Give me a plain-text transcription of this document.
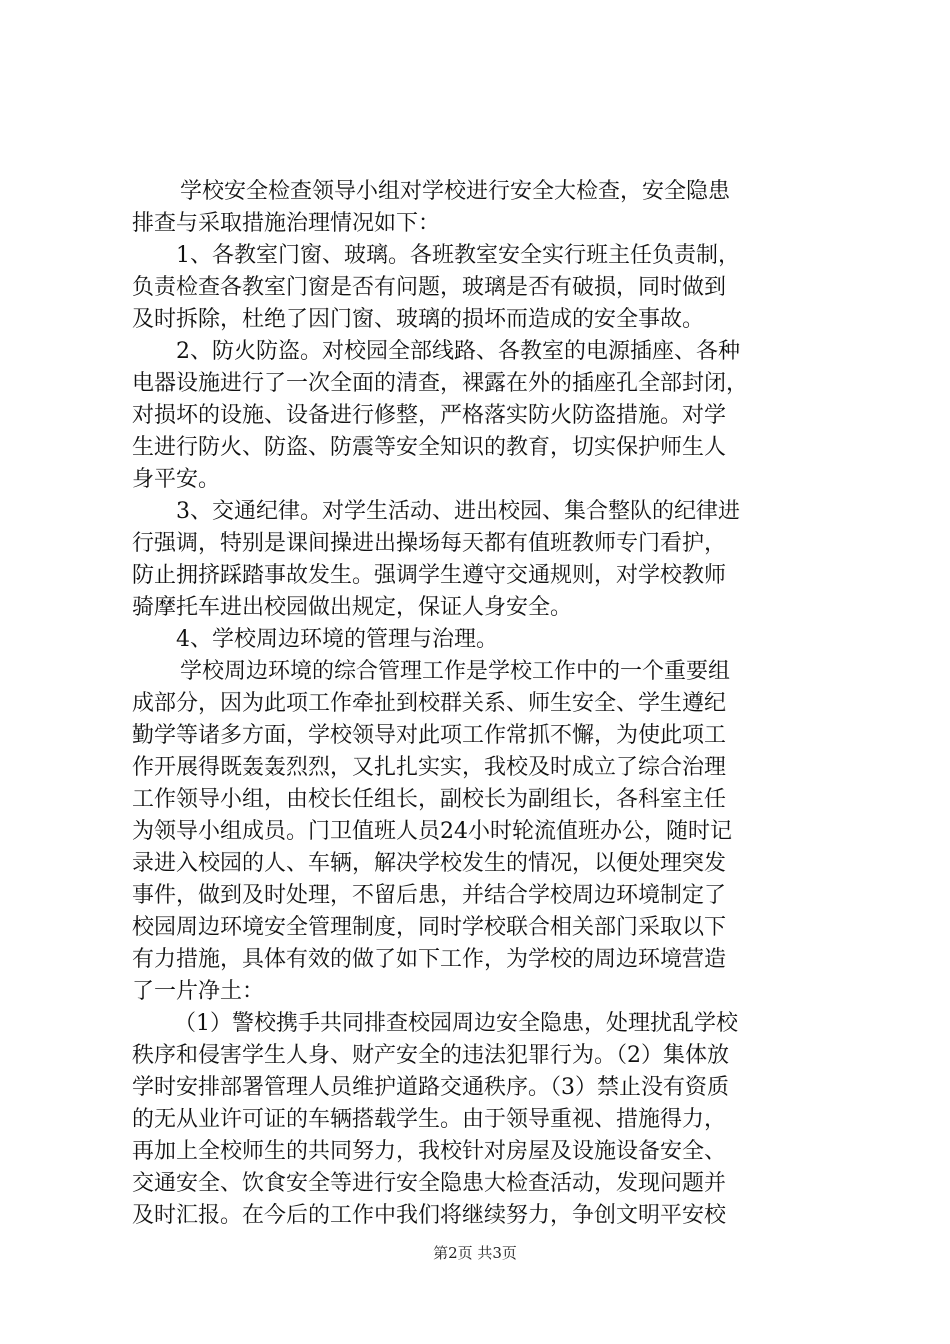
学校安全检查领导小组对学校进行安全大检查，安全隐患
排查与采取措施治理情况如下：
1、各教室门窗、玻璃。各班教室安全实行班主任负责制，
负责检查各教室门窗是否有问题，玻璃是否有破损，同时做到
及时拆除，杜绝了因门窗、玻璃的损坏而造成的安全事故。
2、防火防盗。对校园全部线路、各教室的电源插座、各种
电器设施进行了一次全面的清查，裸露在外的插座孔全部封闭，
对损坏的设施、设备进行修整，严格落实防火防盗措施。对学
生进行防火、防盗、防震等安全知识的教育，切实保护师生人
身平安。
3、交通纪律。对学生活动、进出校园、集合整队的纪律进
行强调，特别是课间操进出操场每天都有值班教师专门看护，
防止拥挤踩踏事故发生。强调学生遵守交通规则，对学校教师
骑摩托车进出校园做出规定，保证人身安全。
4、学校周边环境的管理与治理。
学校周边环境的综合管理工作是学校工作中的一个重要组
成部分，因为此项工作牵扯到校群关系、师生安全、学生遵纪
勤学等诸多方面，学校领导对此项工作常抓不懈，为使此项工
作开展得既轰轰烈烈，又扎扎实实，我校及时成立了综合治理
工作领导小组，由校长任组长，副校长为副组长，各科室主任
为领导小组成员。门卫值班人员24小时轮流值班办公，随时记
录进入校园的人、车辆，解决学校发生的情况，以便处理突发
事件，做到及时处理，不留后患，并结合学校周边环境制定了
校园周边环境安全管理制度，同时学校联合相关部门采取以下
有力措施，具体有效的做了如下工作，为学校的周边环境营造
了一片净土：
（1）警校携手共同排查校园周边安全隐患，处理扰乱学校
秩序和侵害学生人身、财产安全的违法犯罪行为。（2）集体放
学时安排部署管理人员维护道路交通秩序。（3）禁止没有资质
的无从业许可证的车辆搭载学生。由于领导重视、措施得力，
再加上全校师生的共同努力，我校针对房屋及设施设备安全、
交通安全、饮食安全等进行安全隐患大检查活动，发现问题并
及时汇报。在今后的工作中我们将继续努力，争创文明平安校
第2页 共3页
